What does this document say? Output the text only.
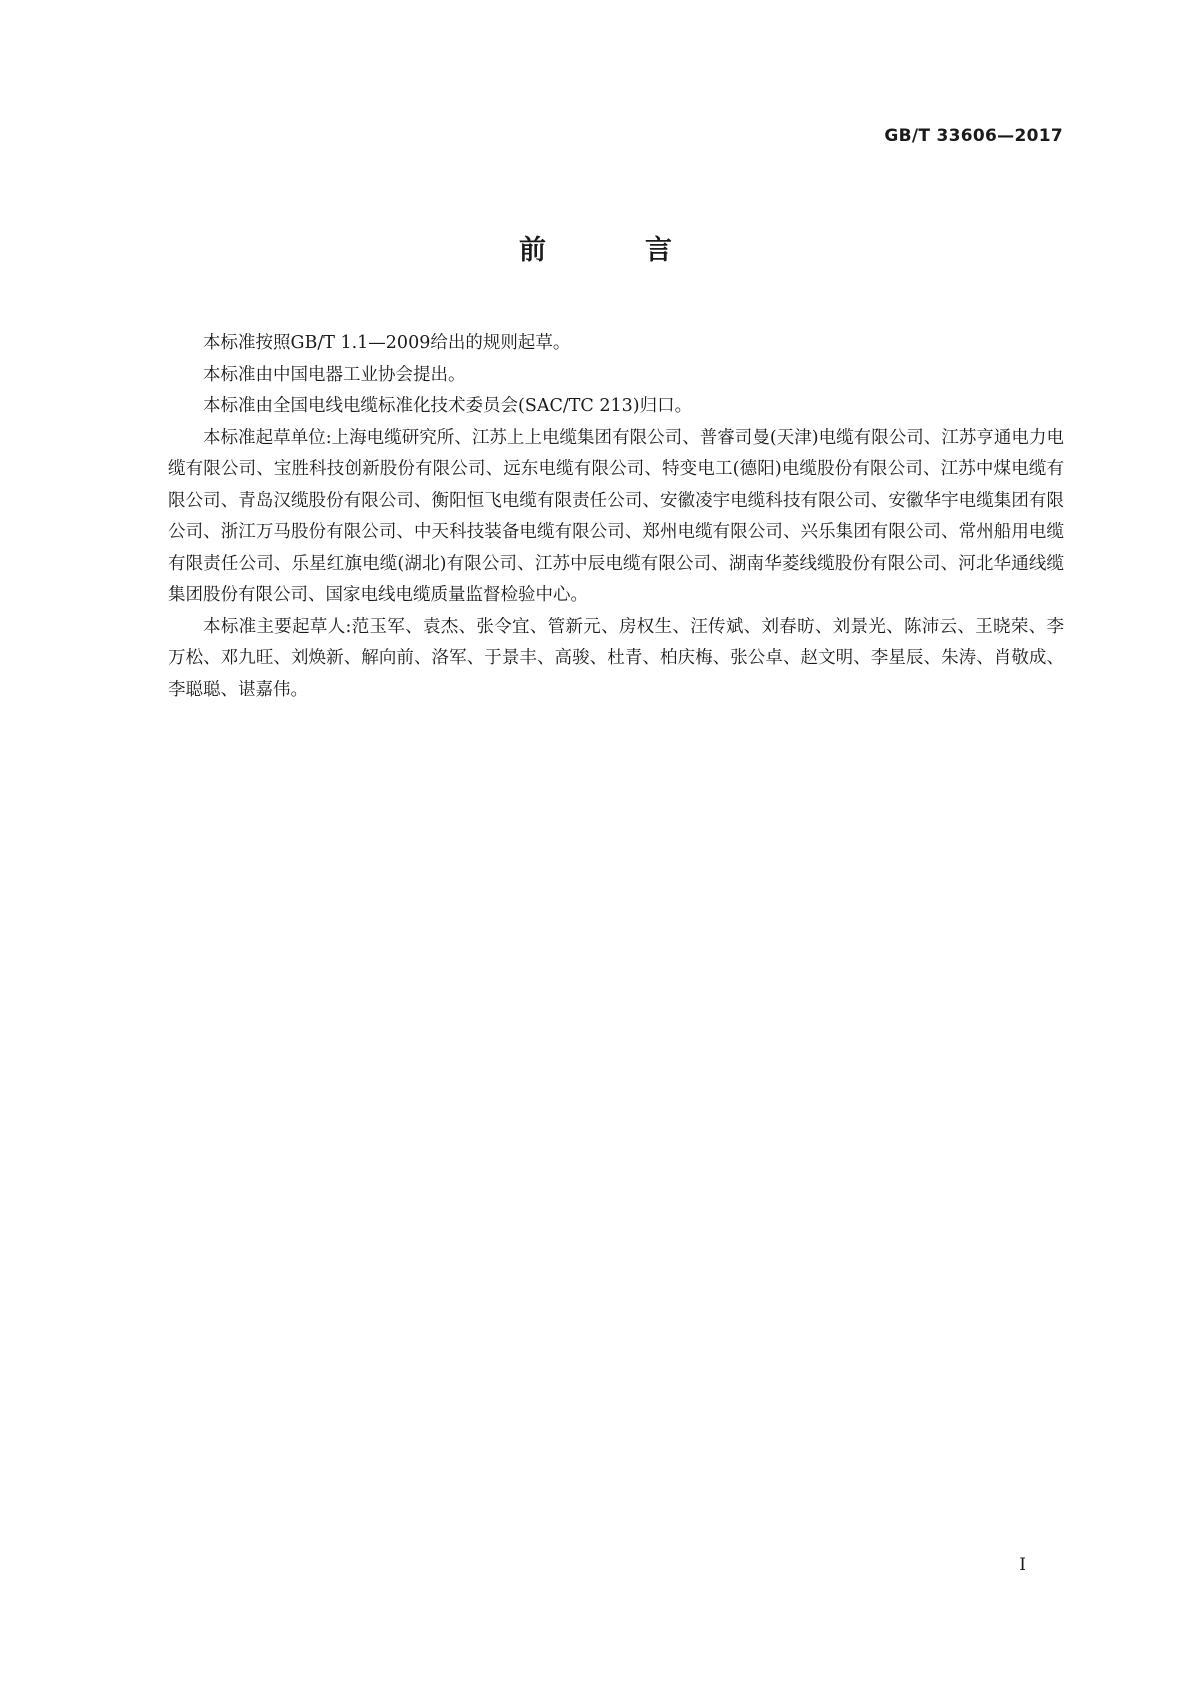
GB/T 33606—2017
前　言

本标准按照GB/T 1.1—2009给出的规则起草。

本标准由中国电器工业协会提出。

本标准由全国电线电缆标准化技术委员会(SAC/TC 213)归口。

本标准起草单位:上海电缆研究所、江苏上上电缆集团有限公司、普睿司曼(天津)电缆有限公司、江苏亨通电力电缆有限公司、宝胜科技创新股份有限公司、远东电缆有限公司、特变电工(德阳)电缆股份有限公司、江苏中煤电缆有限公司、青岛汉缆股份有限公司、衡阳恒飞电缆有限责任公司、安徽凌宇电缆科技有限公司、安徽华宇电缆集团有限公司、浙江万马股份有限公司、中天科技装备电缆有限公司、郑州电缆有限公司、兴乐集团有限公司、常州船用电缆有限责任公司、乐星红旗电缆(湖北)有限公司、江苏中辰电缆有限公司、湖南华菱线缆股份有限公司、河北华通线缆集团股份有限公司、国家电线电缆质量监督检验中心。

本标准主要起草人:范玉军、袁杰、张令宜、管新元、房权生、汪传斌、刘春昉、刘景光、陈沛云、王晓荣、李万松、邓九旺、刘焕新、解向前、洛军、于景丰、高骏、杜青、柏庆梅、张公卓、赵文明、李星辰、朱涛、肖敬成、李聪聪、谌嘉伟。

I
